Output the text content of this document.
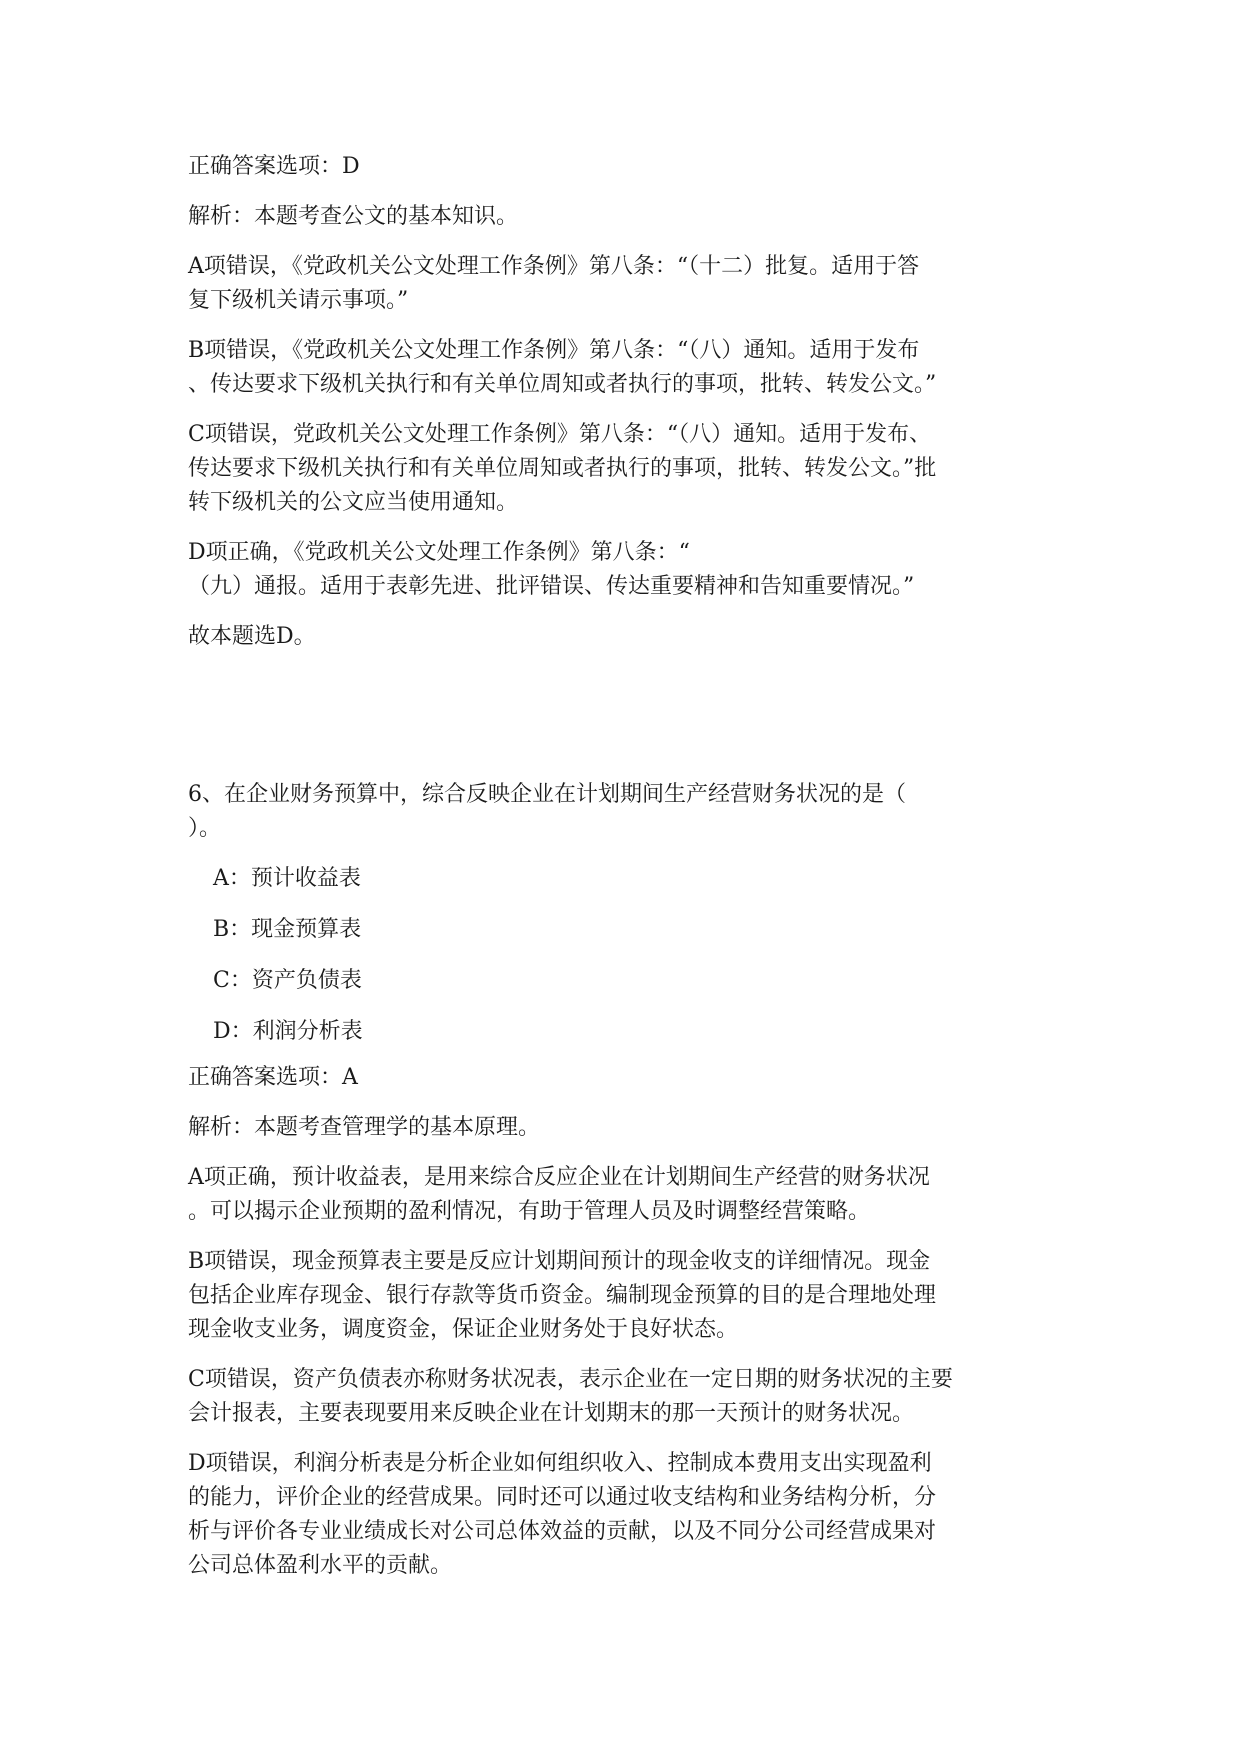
正确答案选项：D
解析：本题考查公文的基本知识。
A项错误，《党政机关公文处理工作条例》第八条：“（十二）批复。适用于答
复下级机关请示事项。”
B项错误，《党政机关公文处理工作条例》第八条：“（八）通知。适用于发布
、传达要求下级机关执行和有关单位周知或者执行的事项，批转、转发公文。”
C项错误，党政机关公文处理工作条例》第八条：“（八）通知。适用于发布、
传达要求下级机关执行和有关单位周知或者执行的事项，批转、转发公文。”批
转下级机关的公文应当使用通知。
D项正确，《党政机关公文处理工作条例》第八条：“
（九）通报。适用于表彰先进、批评错误、传达重要精神和告知重要情况。”
故本题选D。
6、在企业财务预算中，综合反映企业在计划期间生产经营财务状况的是（
）。
A：预计收益表
B：现金预算表
C：资产负债表
D：利润分析表
正确答案选项：A
解析：本题考查管理学的基本原理。
A项正确，预计收益表，是用来综合反应企业在计划期间生产经营的财务状况
。可以揭示企业预期的盈利情况，有助于管理人员及时调整经营策略。
B项错误，现金预算表主要是反应计划期间预计的现金收支的详细情况。现金
包括企业库存现金、银行存款等货币资金。编制现金预算的目的是合理地处理
现金收支业务，调度资金，保证企业财务处于良好状态。
C项错误，资产负债表亦称财务状况表，表示企业在一定日期的财务状况的主要
会计报表，主要表现要用来反映企业在计划期末的那一天预计的财务状况。
D项错误，利润分析表是分析企业如何组织收入、控制成本费用支出实现盈利
的能力，评价企业的经营成果。同时还可以通过收支结构和业务结构分析，分
析与评价各专业业绩成长对公司总体效益的贡献，以及不同分公司经营成果对
公司总体盈利水平的贡献。
